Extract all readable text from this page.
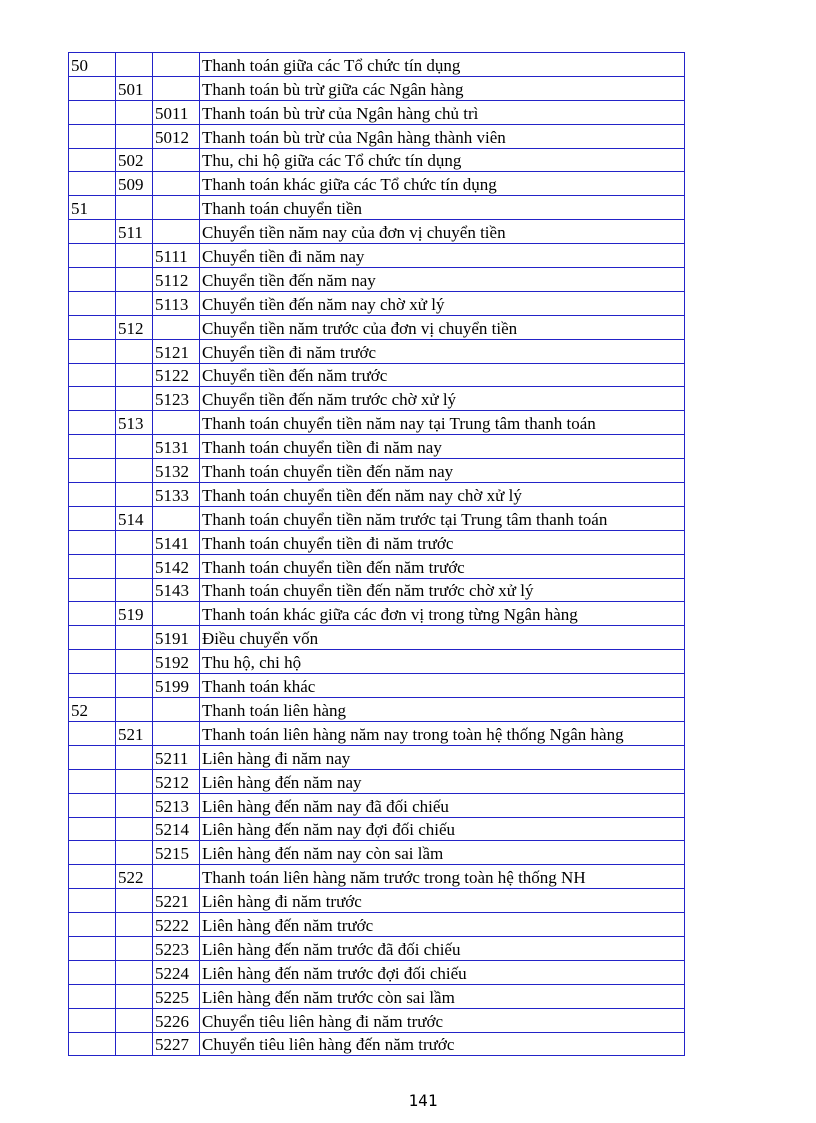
50			Thanh toán giữa các Tổ chức tín dụng
	501		Thanh toán bù trừ giữa các Ngân hàng
		5011	Thanh toán bù trừ của Ngân hàng chủ trì
		5012	Thanh toán bù trừ của Ngân hàng thành viên
	502		Thu, chi hộ giữa các Tổ chức tín dụng
	509		Thanh toán khác giữa các Tổ chức tín dụng
51			Thanh toán chuyển tiền
	511		Chuyển tiền năm nay của đơn vị chuyển tiền
		5111	Chuyển tiền đi năm nay
		5112	Chuyển tiền đến năm nay
		5113	Chuyển tiền đến năm nay chờ xử lý
	512		Chuyển tiền năm trước của đơn vị chuyển tiền
		5121	Chuyển tiền đi năm trước
		5122	Chuyển tiền đến năm trước
		5123	Chuyển tiền đến năm trước chờ xử lý
	513		Thanh toán chuyển tiền năm nay tại Trung tâm thanh toán
		5131	Thanh toán chuyển tiền đi năm nay
		5132	Thanh toán chuyển tiền đến năm nay
		5133	Thanh toán chuyển tiền đến năm nay chờ xử lý
	514		Thanh toán chuyển tiền năm trước tại Trung tâm thanh toán
		5141	Thanh toán chuyển tiền đi năm trước
		5142	Thanh toán chuyển tiền đến năm trước
		5143	Thanh toán chuyển tiền đến năm trước chờ xử lý
	519		Thanh toán khác giữa các đơn vị trong từng Ngân hàng
		5191	Điều chuyển vốn
		5192	Thu hộ, chi hộ
		5199	Thanh toán khác
52			Thanh toán liên hàng
	521		Thanh toán liên hàng năm nay trong toàn hệ thống Ngân hàng
		5211	Liên hàng đi năm nay
		5212	Liên hàng đến năm nay
		5213	Liên hàng đến năm nay đã đối chiếu
		5214	Liên hàng đến năm nay đợi đối chiếu
		5215	Liên hàng đến năm nay còn sai lầm
	522		Thanh toán liên hàng năm trước trong toàn hệ thống NH
		5221	Liên hàng đi năm trước
		5222	Liên hàng đến năm trước
		5223	Liên hàng đến năm trước đã đối chiếu
		5224	Liên hàng đến năm trước đợi đối chiếu
		5225	Liên hàng đến năm trước còn sai lầm
		5226	Chuyển tiêu liên hàng đi năm trước
		5227	Chuyển tiêu liên hàng đến năm trước
141
